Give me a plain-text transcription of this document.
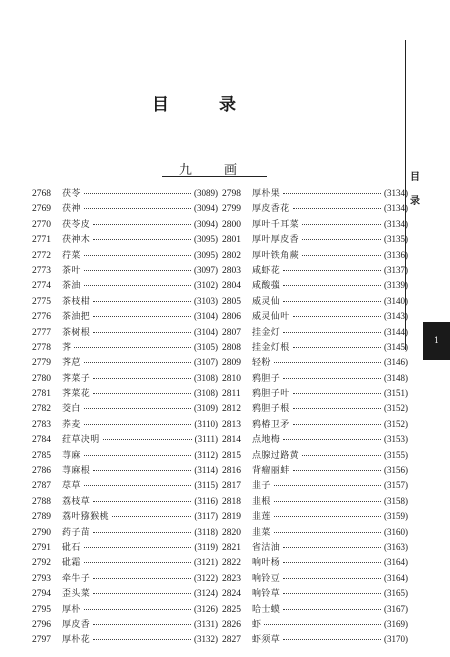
目 录
九 画	目
录
1
2768	茯苓	(3089)
2769	茯神	(3094)
2770	茯苓皮	(3094)
2771	茯神木	(3095)
2772	荇菜	(3095)
2773	茶叶	(3097)
2774	茶油	(3102)
2775	茶枝柑	(3103)
2776	茶油把	(3104)
2777	茶树根	(3104)
2778	荠	(3105)
2779	荠苨	(3107)
2780	荠菜子	(3108)
2781	荠菜花	(3108)
2782	茭白	(3109)
2783	荞麦	(3110)
2784	荭草决明	(3111)
2785	荨麻	(3112)
2786	荨麻根	(3114)
2787	荩草	(3115)
2788	荔枝草	(3116)
2789	荔叶猕猴桃	(3117)
2790	药子苗	(3118)
2791	砒石	(3119)
2792	砒霜	(3121)
2793	牵牛子	(3122)
2794	歪头菜	(3124)
2795	厚朴	(3126)
2796	厚皮香	(3131)
2797	厚朴花	(3132)
2798	厚朴果	(3134)
2799	厚皮香花	(3134)
2800	厚叶千耳菜	(3134)
2801	厚叶厚皮香	(3135)
2802	厚叶铁角蕨	(3136)
2803	咸虾花	(3137)
2804	咸酸蔃	(3139)
2805	威灵仙	(3140)
2806	威灵仙叶	(3143)
2807	挂金灯	(3144)
2808	挂金灯根	(3145)
2809	轻粉	(3146)
2810	鸦胆子	(3148)
2811	鸦胆子叶	(3151)
2812	鸦胆子根	(3152)
2813	鸦椿卫矛	(3152)
2814	点地梅	(3153)
2815	点腺过路黄	(3155)
2816	背瘤丽蚌	(3156)
2817	韭子	(3157)
2818	韭根	(3158)
2819	韭莲	(3159)
2820	韭菜	(3160)
2821	省沽油	(3163)
2822	响叶杨	(3164)
2823	响铃豆	(3164)
2824	响铃草	(3165)
2825	哈士蟆	(3167)
2826	虾	(3169)
2827	虾须草	(3170)
